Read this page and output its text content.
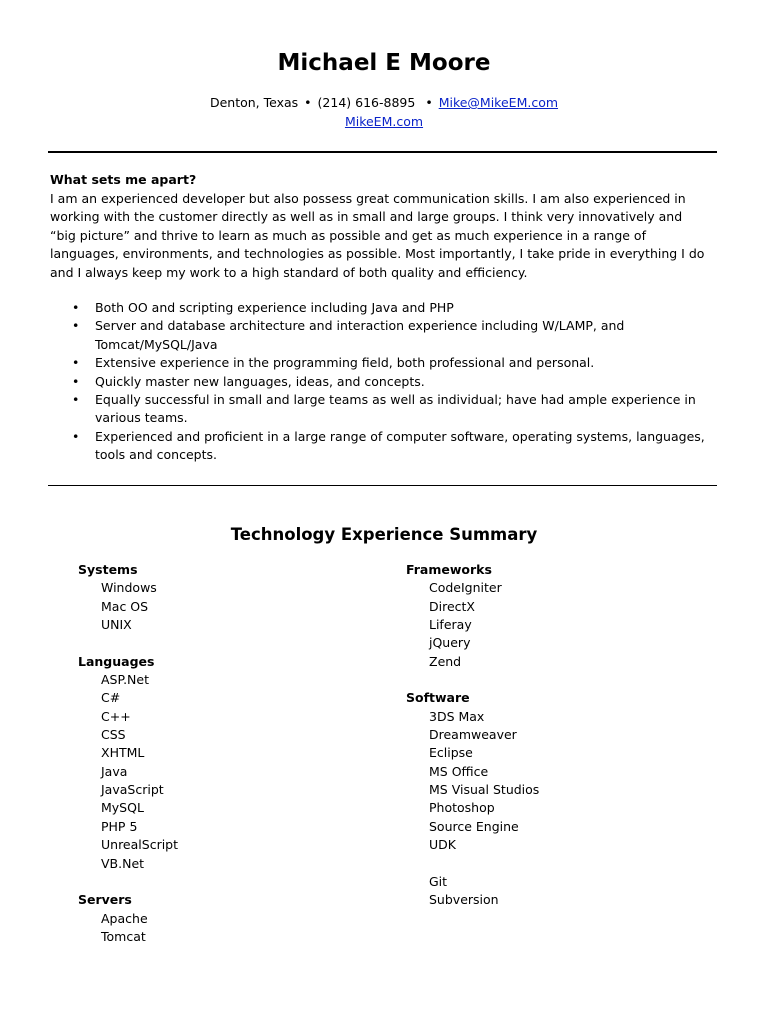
Michael E Moore
Denton, Texas • (214) 616-8895 • Mike@MikeEM.com
MikeEM.com
What sets me apart?
I am an experienced developer but also possess great communication skills. I am also experienced in working with the customer directly as well as in small and large groups. I think very innovatively and “big picture” and thrive to learn as much as possible and get as much experience in a range of languages, environments, and technologies as possible. Most importantly, I take pride in everything I do and I always keep my work to a high standard of both quality and efficiency.
• Both OO and scripting experience including Java and PHP
• Server and database architecture and interaction experience including W/LAMP, and Tomcat/MySQL/Java
• Extensive experience in the programming field, both professional and personal.
• Quickly master new languages, ideas, and concepts.
• Equally successful in small and large teams as well as individual; have had ample experience in various teams.
• Experienced and proficient in a large range of computer software, operating systems, languages, tools and concepts.
Technology Experience Summary
Systems
Windows
Mac OS
UNIX
Languages
ASP.Net
C#
C++
CSS
XHTML
Java
JavaScript
MySQL
PHP 5
UnrealScript
VB.Net
Servers
Apache
Tomcat
Frameworks
CodeIgniter
DirectX
Liferay
jQuery
Zend
Software
3DS Max
Dreamweaver
Eclipse
MS Office
MS Visual Studios
Photoshop
Source Engine
UDK
Git
Subversion
